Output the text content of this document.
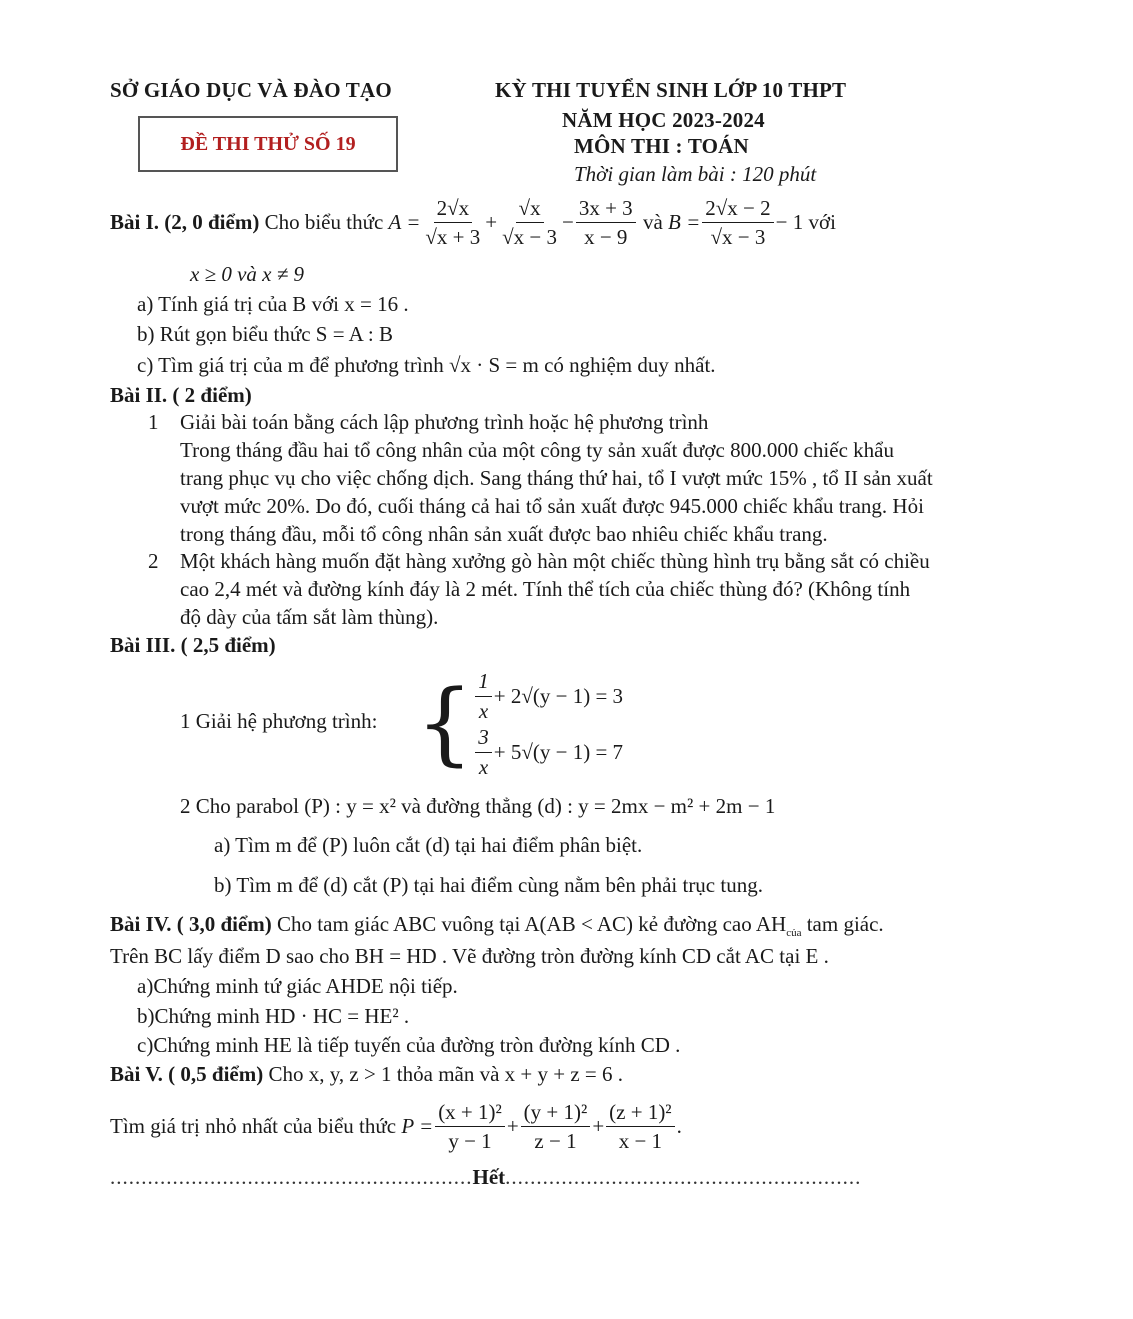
SỞ GIÁO DỤC VÀ ĐÀO TẠO	KỲ THI TUYỂN SINH LỚP 10 THPT
NĂM HỌC 2023-2024
MÔN THI : TOÁN
Thời gian làm bài : 120 phút
ĐỀ THI THỬ SỐ 19
Bài I. (2, 0 điểm)
Cho biểu thức
$A = \frac{2√x}{√x + 3} + \frac{√x}{√x - 3} - \frac{3x + 3}{x - 9}$
và
$B = \frac{2√x - 2}{√x - 3} - 1$ với
x ≥ 0 và x ≠ 9
a) Tính giá trị của B với x = 16 .
b) Rút gọn biểu thức S = A : B
c) Tìm giá trị của m để phương trình √x · S = m có nghiệm duy nhất.
Bài II. ( 2 điểm)
1 Giải bài toán bằng cách lập phương trình hoặc hệ phương trình
Trong tháng đầu hai tổ công nhân của một công ty sản xuất được 800.000 chiếc khẩu
trang phục vụ cho việc chống dịch. Sang tháng thứ hai, tổ I vượt mức 15% , tổ II sản xuất
vượt mức 20%. Do đó, cuối tháng cả hai tổ sản xuất được 945.000 chiếc khẩu trang. Hỏi
trong tháng đầu, mỗi tổ công nhân sản xuất được bao nhiêu chiếc khẩu trang.
2 Một khách hàng muốn đặt hàng xưởng gò hàn một chiếc thùng hình trụ bằng sắt có chiều
cao 2,4 mét và đường kính đáy là 2 mét. Tính thể tích của chiếc thùng đó? (Không tính
độ dày của tấm sắt làm thùng).
Bài III. ( 2,5 điểm)
1 Giải hệ phương trình: { $\frac{1}{x} + 2√(y - 1) = 3$
$\frac{3}{x} + 5√(y - 1) = 7$
2 Cho parabol (P) : y = x² và đường thẳng (d) : y = 2mx − m² + 2m − 1
a) Tìm m để (P) luôn cắt (d) tại hai điểm phân biệt.
b) Tìm m để (d) cắt (P) tại hai điểm cùng nằm bên phải trục tung.
Bài IV. ( 3,0 điểm) Cho tam giác ABC vuông tại A(AB < AC) kẻ đường cao $AH_{của}$ tam giác.
Trên BC lấy điểm D sao cho BH = HD . Vẽ đường tròn đường kính CD cắt AC tại E .
a)Chứng minh tứ giác AHDE nội tiếp.
b)Chứng minh HD · HC = HE² .
c)Chứng minh HE là tiếp tuyến của đường tròn đường kính CD .
Bài V. ( 0,5 điểm) Cho x, y, z > 1 thỏa mãn và x + y + z = 6 .
Tìm giá trị nhỏ nhất của biểu thức
$P = \frac{\text{(x + 1)²}}{y - 1} + \frac{\text{(y + 1)²}}{z - 1} + \frac{\text{(z + 1)²}}{x - 1}$ .
..........................................................Hết.........................................................
